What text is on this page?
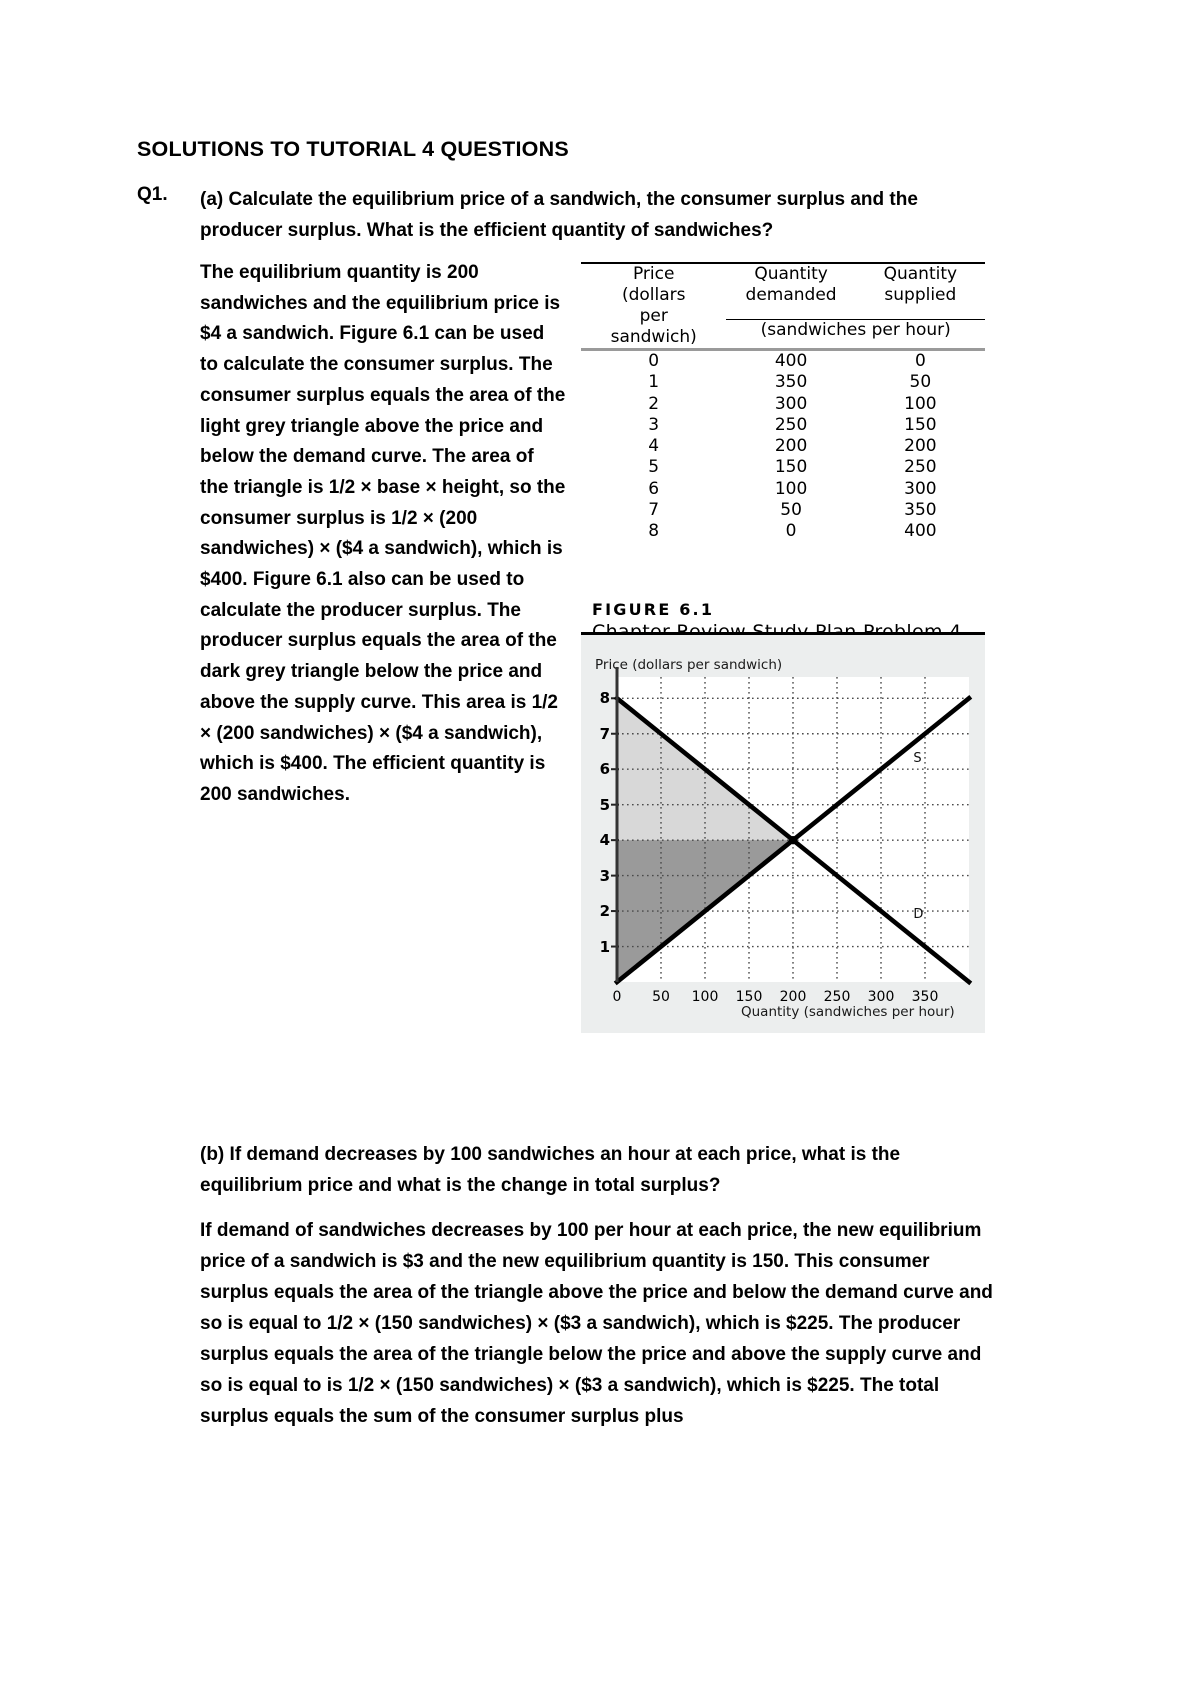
SOLUTIONS TO TUTORIAL 4 QUESTIONS
Q1. (a) Calculate the equilibrium price of a sandwich, the consumer surplus and the producer surplus. What is the efficient quantity of sandwiches?
The equilibrium quantity is 200 sandwiches and the equilibrium price is $4 a sandwich. Figure 6.1 can be used to calculate the consumer surplus. The consumer surplus equals the area of the light grey triangle above the price and below the demand curve. The area of the triangle is 1/2 × base × height, so the consumer surplus is 1/2 × (200 sandwiches) × ($4 a sandwich), which is $400. Figure 6.1 also can be used to calculate the producer surplus. The producer surplus equals the area of the dark grey triangle below the price and above the supply curve. This area is 1/2 × (200 sandwiches) × ($4 a sandwich), which is $400. The efficient quantity is 200 sandwiches.
Price
(dollars
per
sandwich)

Quantity
demanded

Quantity
supplied

	(sandwiches per hour)	

0	400	0
1	350	50
2	300	100
3	250	150
4	200	200
5	150	250
6	100	300
7	50	350
8	0	400
FIGURE 6.1
Price (dollars per sandwich)
Quantity (sandwiches per hour)
1
2
3
4
5
6
7
8
0 50 100 150 200 250 300 350
S
D
(b) If demand decreases by 100 sandwiches an hour at each price, what is the equilibrium price and what is the change in total surplus?
If demand of sandwiches decreases by 100 per hour at each price, the new equilibrium price of a sandwich is $3 and the new equilibrium quantity is 150. This consumer surplus equals the area of the triangle above the price and below the demand curve and so is equal to 1/2 × (150 sandwiches) × ($3 a sandwich), which is $225. The producer surplus equals the area of the triangle below the price and above the supply curve and so is equal to is 1/2 × (150 sandwiches) × ($3 a sandwich), which is $225. The total surplus equals the sum of the consumer surplus plus
